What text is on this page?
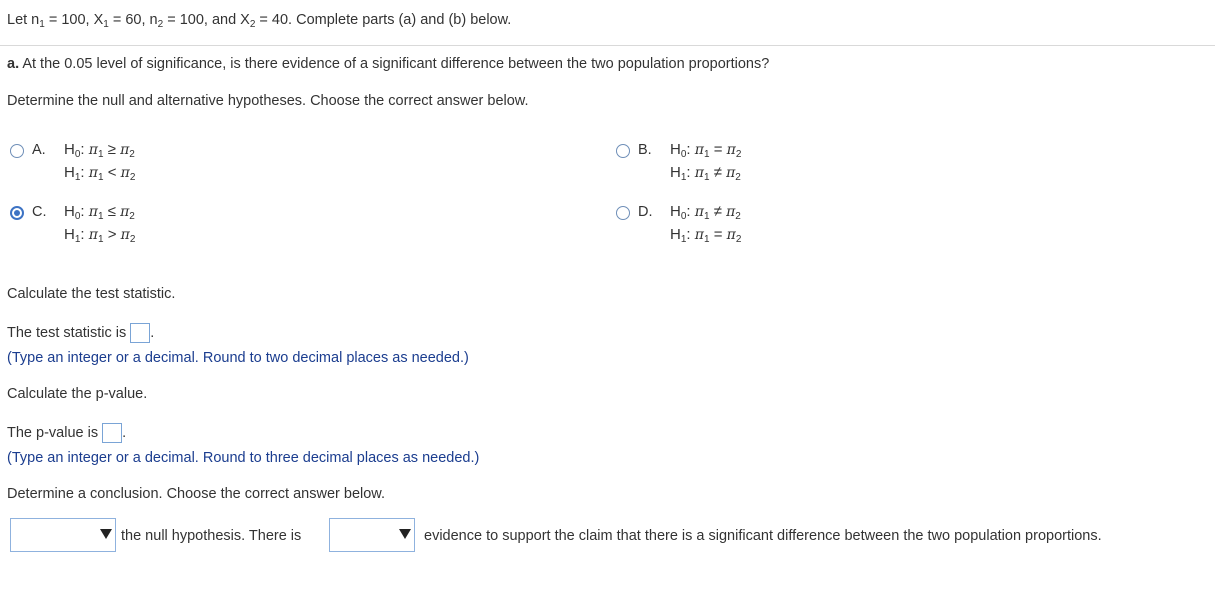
Let $n_1 = 100$, $X_1 = 60$, $n_2 = 100$, and $X_2 = 40$. Complete parts (a) and (b) below.
a. At the 0.05 level of significance, is there evidence of a significant difference between the two population proportions?
Determine the null and alternative hypotheses. Choose the correct answer below.
A. $H_0$: $\pi_1 \ge \pi_2$
$H_1$: $\pi_1 < \pi_2$
B. $H_0$: $\pi_1 = \pi_2$
$H_1$: $\pi_1 \ne \pi_2$
C. $H_0$: $\pi_1 \le \pi_2$
$H_1$: $\pi_1 > \pi_2$
D. $H_0$: $\pi_1 \ne \pi_2$
$H_1$: $\pi_1 = \pi_2$
Calculate the test statistic.
The test statistic is .
(Type an integer or a decimal. Round to two decimal places as needed.)
Calculate the p-value.
The p-value is .
(Type an integer or a decimal. Round to three decimal places as needed.)
Determine a conclusion. Choose the correct answer below.
the null hypothesis. There is	evidence to support the claim that there is a significant difference between the two population proportions.
